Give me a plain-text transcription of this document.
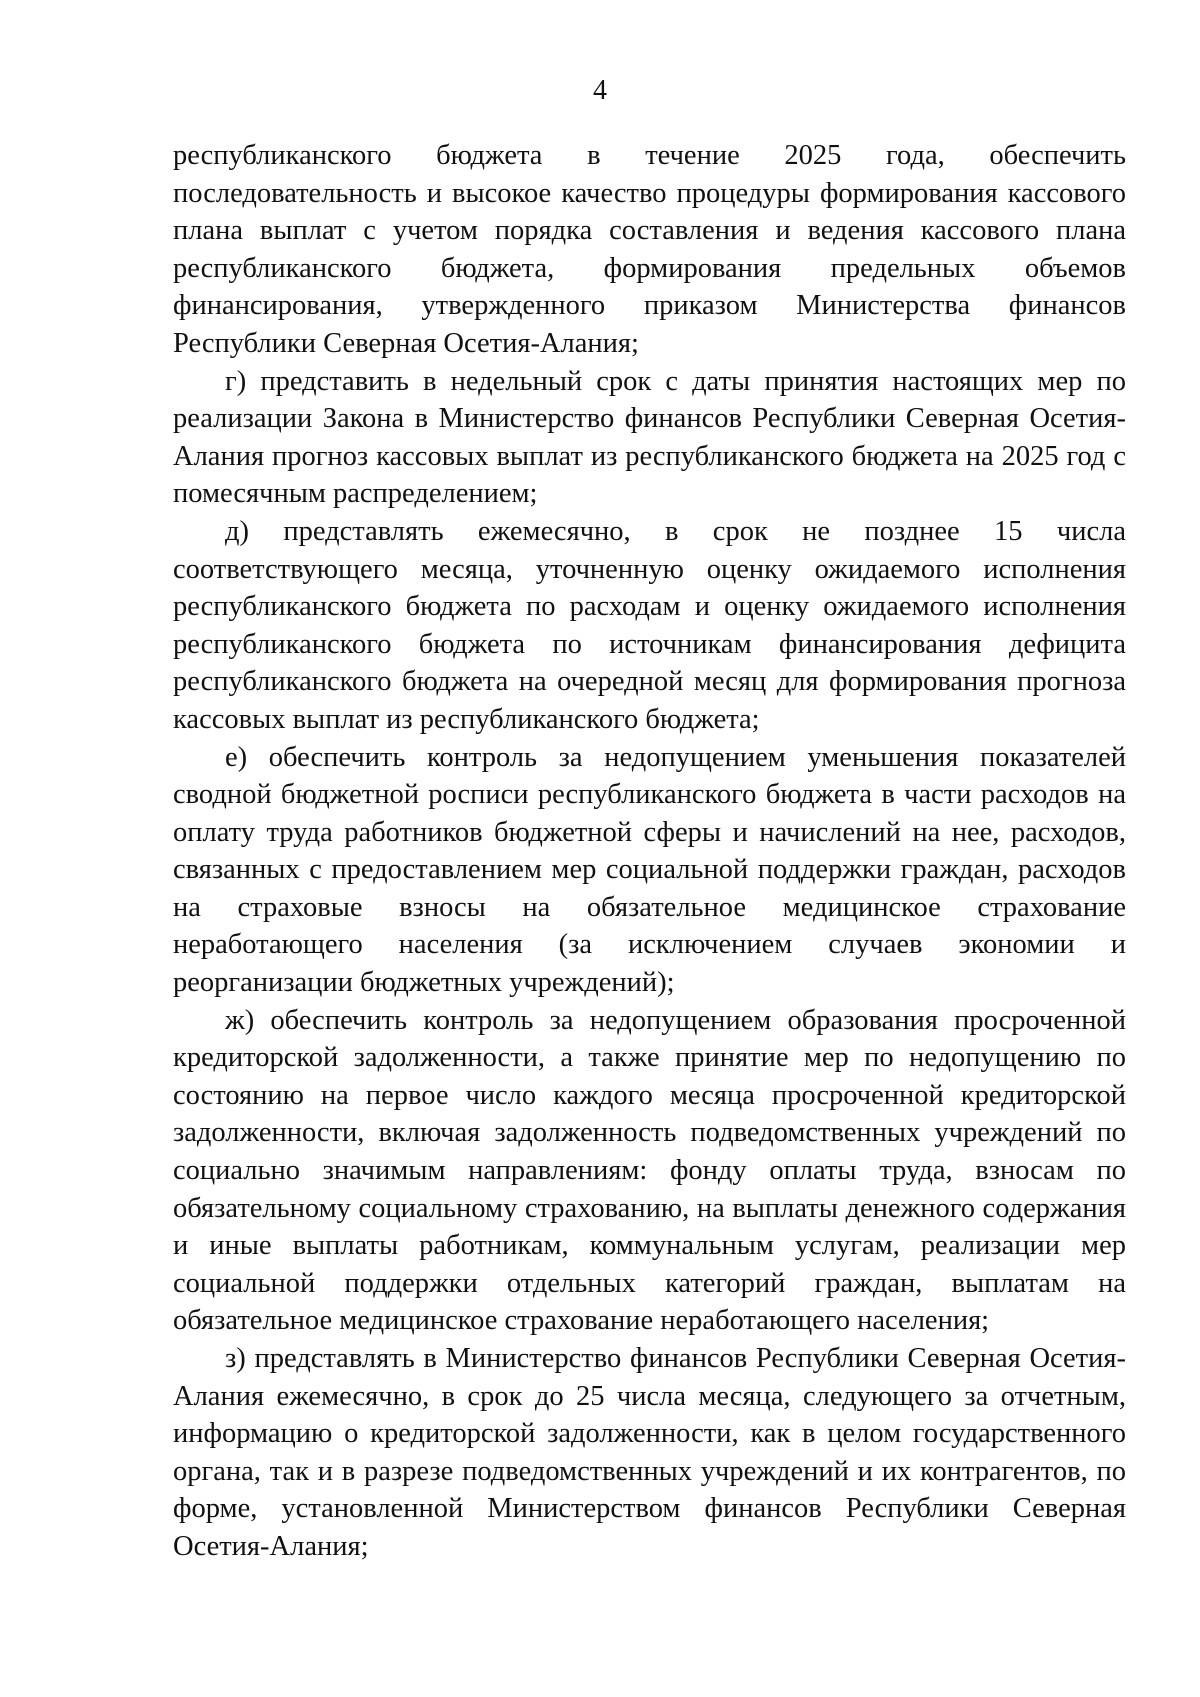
4

республиканского бюджета в течение 2025 года, обеспечить последовательность и высокое качество процедуры формирования кассового плана выплат с учетом порядка составления и ведения кассового плана республиканского бюджета, формирования предельных объемов финансирования, утвержденного приказом Министерства финансов Республики Северная Осетия-Алания;

г) представить в недельный срок с даты принятия настоящих мер по реализации Закона в Министерство финансов Республики Северная Осетия-Алания прогноз кассовых выплат из республиканского бюджета на 2025 год с помесячным распределением;

д) представлять ежемесячно, в срок не позднее 15 числа соответствующего месяца, уточненную оценку ожидаемого исполнения республиканского бюджета по расходам и оценку ожидаемого исполнения республиканского бюджета по источникам финансирования дефицита республиканского бюджета на очередной месяц для формирования прогноза кассовых выплат из республиканского бюджета;

е) обеспечить контроль за недопущением уменьшения показателей сводной бюджетной росписи республиканского бюджета в части расходов на оплату труда работников бюджетной сферы и начислений на нее, расходов, связанных с предоставлением мер социальной поддержки граждан, расходов на страховые взносы на обязательное медицинское страхование неработающего населения (за исключением случаев экономии и реорганизации бюджетных учреждений);

ж) обеспечить контроль за недопущением образования просроченной кредиторской задолженности, а также принятие мер по недопущению по состоянию на первое число каждого месяца просроченной кредиторской задолженности, включая задолженность подведомственных учреждений по социально значимым направлениям: фонду оплаты труда, взносам по обязательному социальному страхованию, на выплаты денежного содержания и иные выплаты работникам, коммунальным услугам, реализации мер социальной поддержки отдельных категорий граждан, выплатам на обязательное медицинское страхование неработающего населения;

з) представлять в Министерство финансов Республики Северная Осетия-Алания ежемесячно, в срок до 25 числа месяца, следующего за отчетным, информацию о кредиторской задолженности, как в целом государственного органа, так и в разрезе подведомственных учреждений и их контрагентов, по форме, установленной Министерством финансов Республики Северная Осетия-Алания;
